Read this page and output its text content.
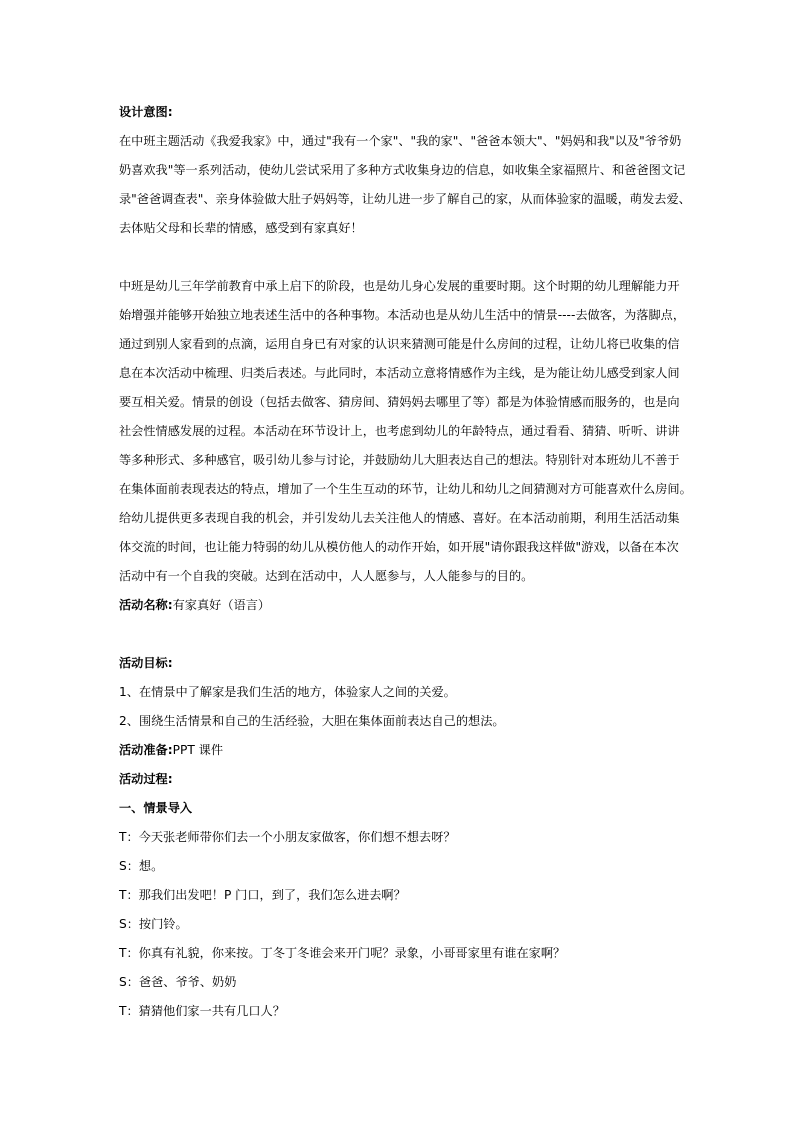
设计意图:
在中班主题活动《我爱我家》中，通过"我有一个家"、"我的家"、"爸爸本领大"、"妈妈和我"以及"爷爷奶
奶喜欢我"等一系列活动，使幼儿尝试采用了多种方式收集身边的信息，如收集全家福照片、和爸爸图文记
录"爸爸调查表"、亲身体验做大肚子妈妈等，让幼儿进一步了解自己的家，从而体验家的温暖，萌发去爱、
去体贴父母和长辈的情感，感受到有家真好！
中班是幼儿三年学前教育中承上启下的阶段，也是幼儿身心发展的重要时期。这个时期的幼儿理解能力开
始增强并能够开始独立地表述生活中的各种事物。本活动也是从幼儿生活中的情景----去做客，为落脚点，
通过到别人家看到的点滴，运用自身已有对家的认识来猜测可能是什么房间的过程，让幼儿将已收集的信
息在本次活动中梳理、归类后表述。与此同时，本活动立意将情感作为主线，是为能让幼儿感受到家人间
要互相关爱。情景的创设（包括去做客、猜房间、猜妈妈去哪里了等）都是为体验情感而服务的，也是向
社会性情感发展的过程。本活动在环节设计上，也考虑到幼儿的年龄特点，通过看看、猜猜、听听、讲讲
等多种形式、多种感官，吸引幼儿参与讨论，并鼓励幼儿大胆表达自己的想法。特别针对本班幼儿不善于
在集体面前表现表达的特点，增加了一个生生互动的环节，让幼儿和幼儿之间猜测对方可能喜欢什么房间。
给幼儿提供更多表现自我的机会，并引发幼儿去关注他人的情感、喜好。在本活动前期，利用生活活动集
体交流的时间，也让能力特弱的幼儿从模仿他人的动作开始，如开展"请你跟我这样做"游戏，以备在本次
活动中有一个自我的突破。达到在活动中，人人愿参与，人人能参与的目的。
活动名称:有家真好（语言）
活动目标:
1、在情景中了解家是我们生活的地方，体验家人之间的关爱。
2、围绕生活情景和自己的生活经验，大胆在集体面前表达自己的想法。
活动准备:PPT 课件
活动过程:
一、情景导入
T：今天张老师带你们去一个小朋友家做客，你们想不想去呀？
S：想。
T：那我们出发吧！P 门口，到了，我们怎么进去啊？
S：按门铃。
T：你真有礼貌，你来按。丁冬丁冬谁会来开门呢？录象，小哥哥家里有谁在家啊？
S：爸爸、爷爷、奶奶
T：猜猜他们家一共有几口人？
